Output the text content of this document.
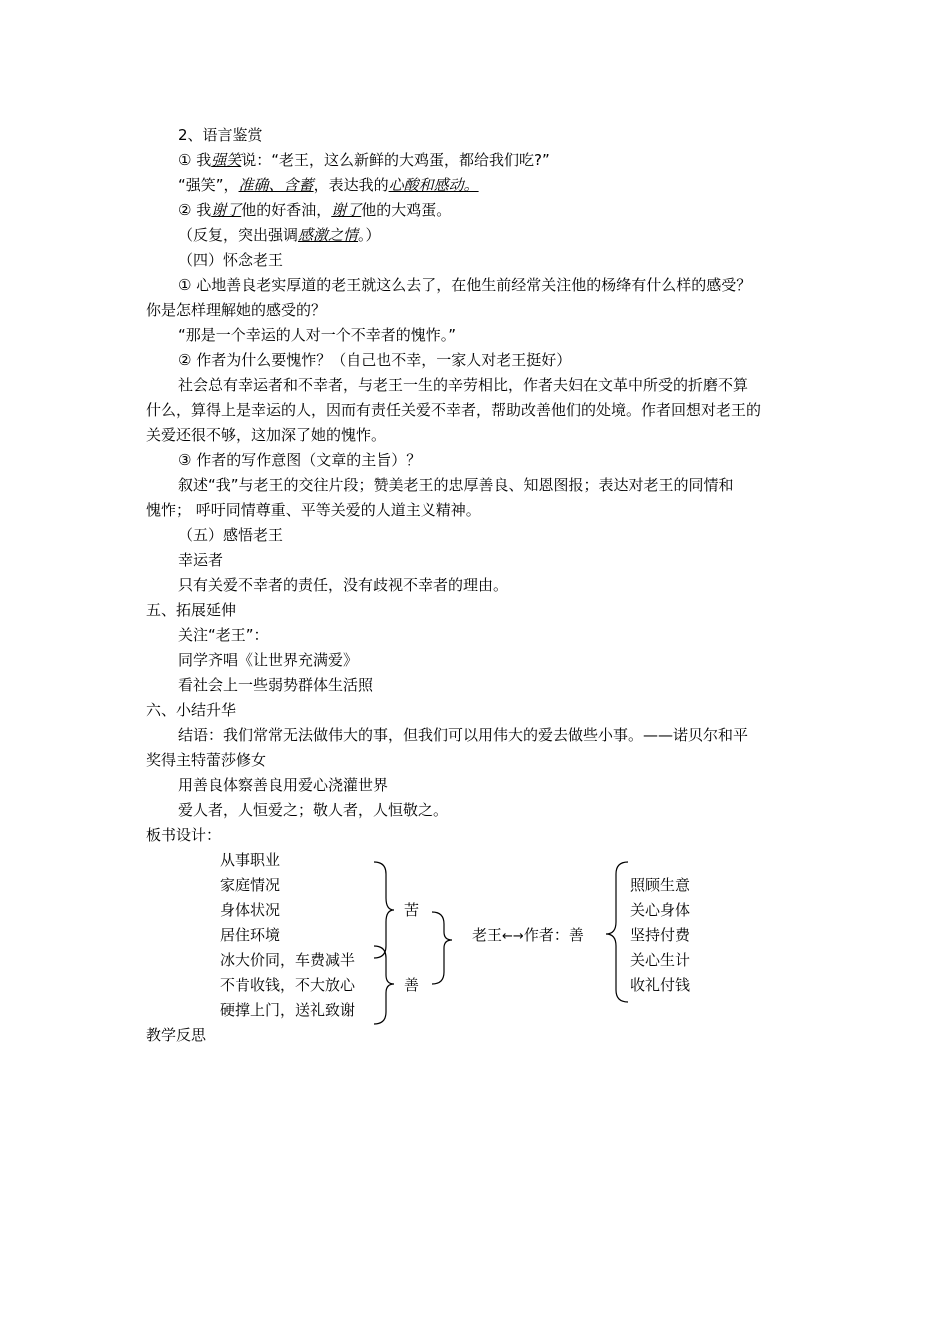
2、语言鉴赏
① 我强笑说：“老王，这么新鲜的大鸡蛋，都给我们吃?”
“强笑”，准确、含蓄，表达我的心酸和感动。
② 我谢了他的好香油，谢了他的大鸡蛋。
（反复，突出强调感激之情。）
（四）怀念老王
① 心地善良老实厚道的老王就这么去了，在他生前经常关注他的杨绛有什么样的感受？
你是怎样理解她的感受的？
“那是一个幸运的人对一个不幸者的愧怍。”
② 作者为什么要愧怍？（自己也不幸，一家人对老王挺好）
社会总有幸运者和不幸者，与老王一生的辛劳相比，作者夫妇在文革中所受的折磨不算
什么，算得上是幸运的人，因而有责任关爱不幸者，帮助改善他们的处境。作者回想对老王的
关爱还很不够，这加深了她的愧怍。
③ 作者的写作意图（文章的主旨）？
叙述“我”与老王的交往片段；赞美老王的忠厚善良、知恩图报；表达对老王的同情和
愧怍； 呼吁同情尊重、平等关爱的人道主义精神。
（五）感悟老王
幸运者
只有关爱不幸者的责任，没有歧视不幸者的理由。
五、拓展延伸
关注“老王”：
同学齐唱《让世界充满爱》
看社会上一些弱势群体生活照
六、小结升华
结语：我们常常无法做伟大的事，但我们可以用伟大的爱去做些小事。——诺贝尔和平
奖得主特蕾莎修女
用善良体察善良用爱心浇灌世界
爱人者，人恒爱之；敬人者，人恒敬之。
板书设计：
从事职业
家庭情况
身体状况
居住环境
冰大价同，车费减半
不肯收钱，不大放心
硬撑上门，送礼致谢
苦
善
老王←→作者：善
照顾生意
关心身体
坚持付费
关心生计
收礼付钱
教学反思
